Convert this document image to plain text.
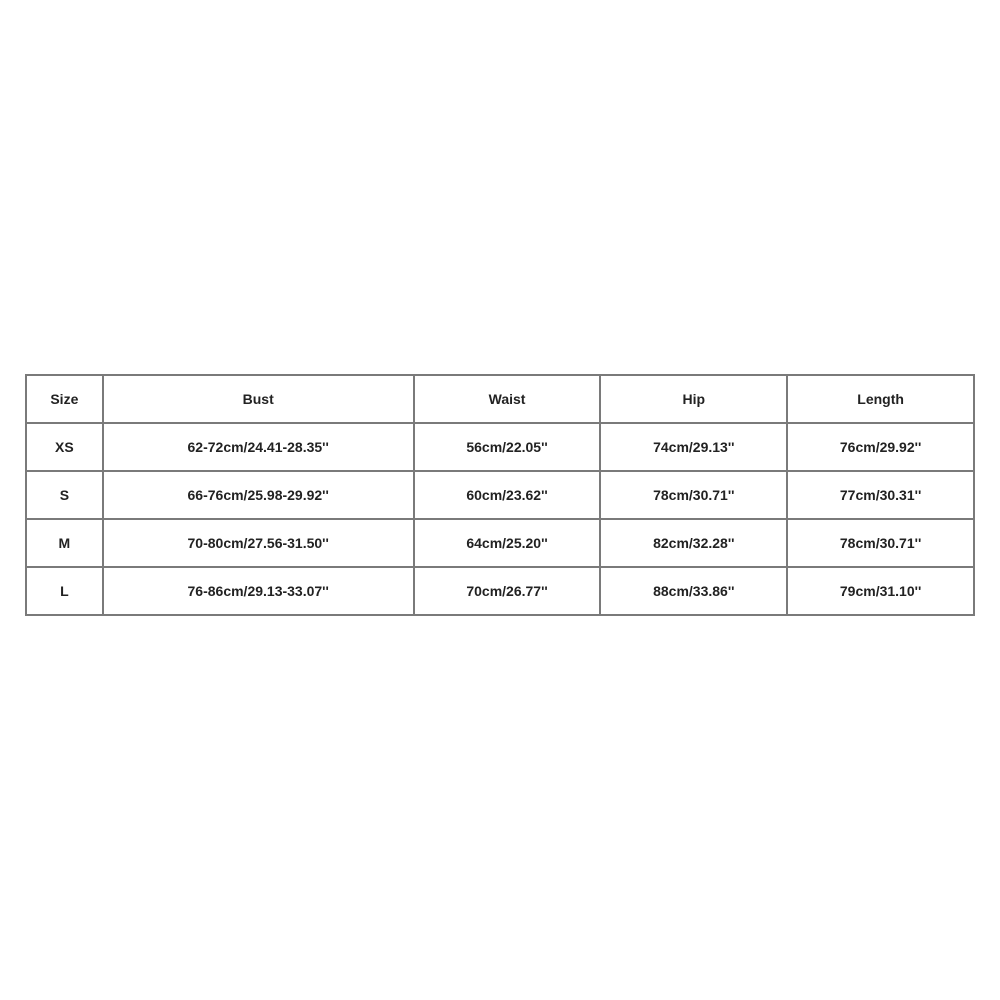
Size	Bust	Waist	Hip	Length
XS	62-72cm/24.41-28.35''	56cm/22.05''	74cm/29.13''	76cm/29.92''
S	66-76cm/25.98-29.92''	60cm/23.62''	78cm/30.71''	77cm/30.31''
M	70-80cm/27.56-31.50''	64cm/25.20''	82cm/32.28''	78cm/30.71''
L	76-86cm/29.13-33.07''	70cm/26.77''	88cm/33.86''	79cm/31.10''
